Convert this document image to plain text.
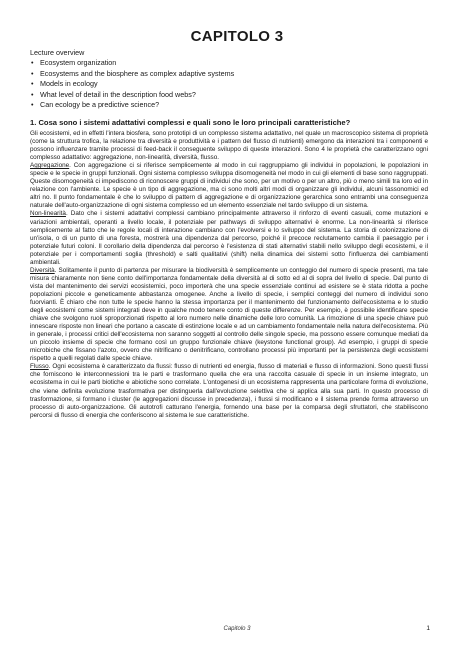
CAPITOLO 3
Lecture overview
• Ecosystem organization
• Ecosystems and the biosphere as complex adaptive systems
• Models in ecology
• What level of detail in the description food webs?
• Can ecology be a predictive science?
1. Cosa sono i sistemi adattativi complessi e quali sono le loro principali caratteristiche?

Gli ecosistemi, ed in effetti l'intera biosfera, sono prototipi di un complesso sistema adattativo, nel quale un macroscopico sistema di proprietà (come la struttura trofica, la relazione tra diversità e produttività e i pattern del flusso di nutrienti) emergono da interazioni tra i componenti e possono influenzare tramite processi di feed-back il conseguente sviluppo di queste interazioni. Sono 4 le proprietà che caratterizzano ogni complesso adattativo: aggregazione, non-linearità, diversità, flusso.

Aggregazione. Con aggregazione ci si riferisce semplicemente al modo in cui raggruppiamo gli individui in popolazioni, le popolazioni in specie e le specie in gruppi funzionali. Ogni sistema complesso sviluppa disomogeneità nel modo in cui gli elementi di base sono raggruppati. Queste disomogeneità ci impediscono di riconoscere gruppi di individui che sono, per un motivo o per un altro, più o meno simili tra loro ed in relazione con l'ambiente. Le specie è un tipo di aggregazione, ma ci sono molti altri modi di organizzare gli individui, alcuni tassonomici ed altri no. Il punto fondamentale è che lo sviluppo di pattern di aggregazione e di organizzazione gerarchica sono entrambi una conseguenza naturale dell'auto-organizzazione di ogni sistema complesso ed un elemento essenziale nel tardo sviluppo di un sistema.

Non-linearità. Dato che i sistemi adattativi complessi cambiano principalmente attraverso il rinforzo di eventi casuali, come mutazioni e variazioni ambientali, operanti a livello locale, il potenziale per pathways di sviluppo alternativi è enorme. La non-linearità si riferisce semplicemente al fatto che le regole locali di interazione cambiano con l'evolversi e lo sviluppo del sistema. La storia di colonizzazione di un'isola, o di un punto di una foresta, mostrerà una dipendenza dal percorso, poiché il precoce reclutamento cambia il paesaggio per i potenziale futuri coloni. Il corollario della dipendenza dal percorso è l'esistenza di stati alternativi stabili nello sviluppo degli ecosistemi, e il potenziale per i comportamenti soglia (threshold) e salti qualitativi (shift) nella dinamica dei sistemi sotto l'influenza dei cambiamenti ambientali.

Diversità. Solitamente il punto di partenza per misurare la biodiversità è semplicemente un conteggio del numero di specie presenti, ma tale misura chiaramente non tiene conto dell'importanza fondamentale della diversità al di sotto ed al di sopra del livello di specie. Dal punto di vista del mantenimento dei servizi ecosistemici, poco importerà che una specie essenziale continui ad esistere se è stata ridotta a poche popolazioni piccole e geneticamente abbastanza omogenee. Anche a livello di specie, i semplici conteggi del numero di individui sono fuorvianti. È chiaro che non tutte le specie hanno la stessa importanza per il mantenimento del funzionamento dell'ecosistema e lo studio degli ecosistemi come sistemi integrati deve in qualche modo tenere conto di queste differenze. Per esempio, è possibile identificare specie chiave che svolgono ruoli sproporzionati rispetto al loro numero nelle dinamiche delle loro comunità. La rimozione di una specie chiave può innescare risposte non lineari che portano a cascate di estinzione locale e ad un cambiamento fondamentale nella natura dell'ecosistema. Più in generale, i processi critici dell'ecosistema non saranno soggetti al controllo delle singole specie, ma possono essere comunque mediati da un piccolo insieme di specie che formano così un gruppo funzionale chiave (keystone functional group). Ad esempio, i gruppi di specie microbiche che fissano l'azoto, ovvero che nitrificano o denitrificano, controllano processi più importanti per la persistenza degli ecosistemi rispetto a quelli regolati dalle specie chiave.

Flusso. Ogni ecosistema è caratterizzato da flussi: flusso di nutrienti ed energia, flusso di materiali e flusso di informazioni. Sono questi flussi che forniscono le interconnessioni tra le parti e trasformano quella che era una raccolta casuale di specie in un insieme integrato, un ecosistema in cui le parti biotiche e abiotiche sono correlate. L'ontogenesi di un ecosistema rappresenta una particolare forma di evoluzione, che viene definita evoluzione trasformativa per distinguerla dall'evoluzione selettiva che si applica alla sua parti. In questo processo di trasformazione, si formano i cluster (le aggregazioni discusse in precedenza), i flussi si modificano e il sistema prende forma attraverso un processo di auto-organizzazione. Gli autotrofi catturano l'energia, fornendo una base per la comparsa degli sfruttatori, che stabiliscono percorsi di flusso di energia che conferiscono al sistema le sue caratteristiche.

Capitolo 3	1
